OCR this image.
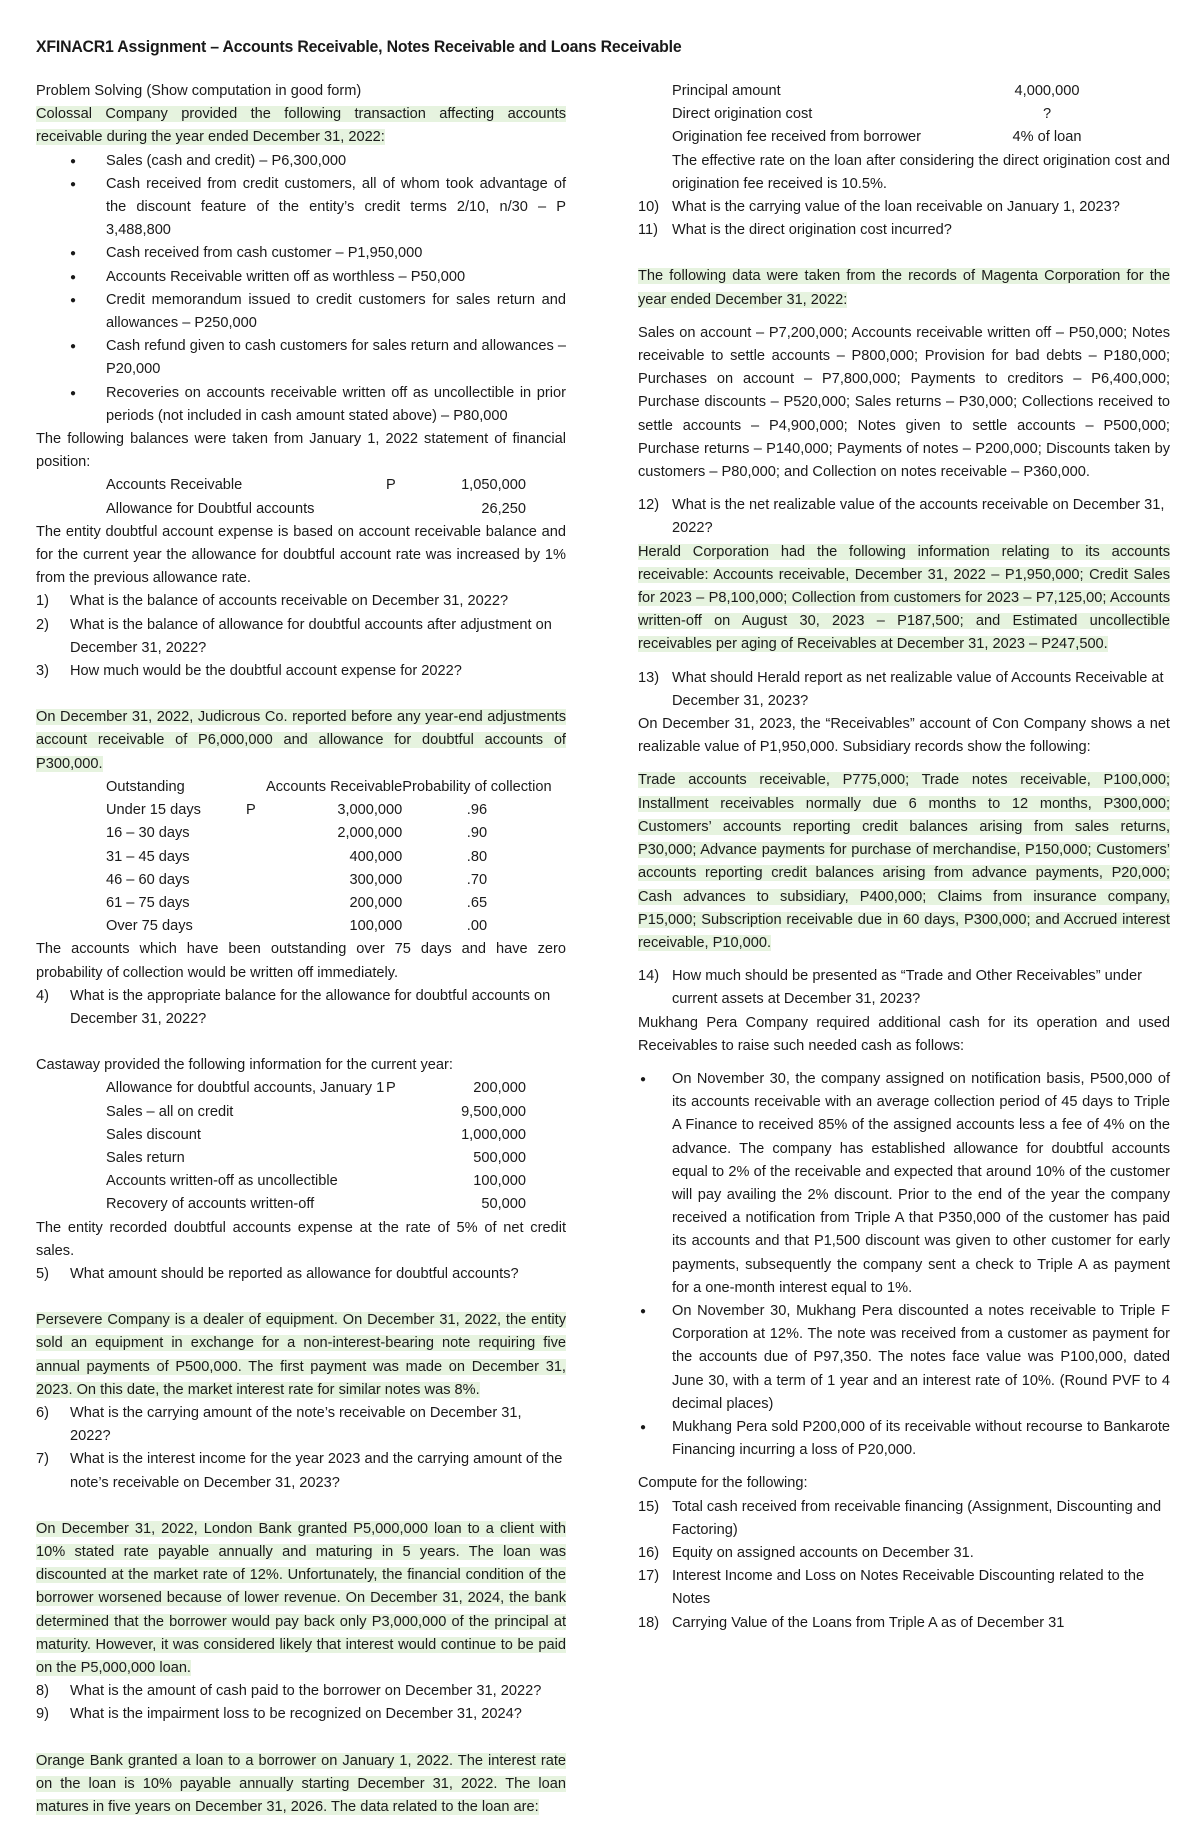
XFINACR1 Assignment – Accounts Receivable, Notes Receivable and Loans Receivable

Problem Solving (Show computation in good form)

Colossal Company provided the following transaction affecting accounts receivable during the year ended December 31, 2022:

● Sales (cash and credit) – P6,300,000
● Cash received from credit customers, all of whom took advantage of the discount feature of the entity’s credit terms 2/10, n/30 – P 3,488,800
● Cash received from cash customer – P1,950,000
● Accounts Receivable written off as worthless – P50,000
● Credit memorandum issued to credit customers for sales return and allowances – P250,000
● Cash refund given to cash customers for sales return and allowances – P20,000
● Recoveries on accounts receivable written off as uncollectible in prior periods (not included in cash amount stated above) – P80,000

The following balances were taken from January 1, 2022 statement of financial position:

Accounts Receivable	P	1,050,000
Allowance for Doubtful accounts		26,250

The entity doubtful account expense is based on account receivable balance and for the current year the allowance for doubtful account rate was increased by 1% from the previous allowance rate.

1) What is the balance of accounts receivable on December 31, 2022?
2) What is the balance of allowance for doubtful accounts after adjustment on December 31, 2022?
3) How much would be the doubtful account expense for 2022?

On December 31, 2022, Judicrous Co. reported before any year-end adjustments account receivable of P6,000,000 and allowance for doubtful accounts of P300,000.

Outstanding		Accounts Receivable	Probability of collection
Under 15 days	P	3,000,000	.96
16 – 30 days		2,000,000	.90
31 – 45 days		400,000	.80
46 – 60 days		300,000	.70
61 – 75 days		200,000	.65
Over 75 days		100,000	.00

The accounts which have been outstanding over 75 days and have zero probability of collection would be written off immediately.

4) What is the appropriate balance for the allowance for doubtful accounts on December 31, 2022?

Castaway provided the following information for the current year:

Allowance for doubtful accounts, January 1	P	200,000
Sales – all on credit		9,500,000
Sales discount		1,000,000
Sales return		500,000
Accounts written-off as uncollectible		100,000
Recovery of accounts written-off		50,000

The entity recorded doubtful accounts expense at the rate of 5% of net credit sales.

5) What amount should be reported as allowance for doubtful accounts?

Persevere Company is a dealer of equipment. On December 31, 2022, the entity sold an equipment in exchange for a non-interest-bearing note requiring five annual payments of P500,000. The first payment was made on December 31, 2023. On this date, the market interest rate for similar notes was 8%.

6) What is the carrying amount of the note’s receivable on December 31, 2022?
7) What is the interest income for the year 2023 and the carrying amount of the note’s receivable on December 31, 2023?

On December 31, 2022, London Bank granted P5,000,000 loan to a client with 10% stated rate payable annually and maturing in 5 years. The loan was discounted at the market rate of 12%. Unfortunately, the financial condition of the borrower worsened because of lower revenue. On December 31, 2024, the bank determined that the borrower would pay back only P3,000,000 of the principal at maturity. However, it was considered likely that interest would continue to be paid on the P5,000,000 loan.

8) What is the amount of cash paid to the borrower on December 31, 2022?
9) What is the impairment loss to be recognized on December 31, 2024?

Orange Bank granted a loan to a borrower on January 1, 2022. The interest rate on the loan is 10% payable annually starting December 31, 2022. The loan matures in five years on December 31, 2026. The data related to the loan are:

Principal amount	4,000,000
Direct origination cost	?
Origination fee received from borrower	4% of loan

The effective rate on the loan after considering the direct origination cost and origination fee received is 10.5%.

10) What is the carrying value of the loan receivable on January 1, 2023?
11) What is the direct origination cost incurred?

The following data were taken from the records of Magenta Corporation for the year ended December 31, 2022:

Sales on account – P7,200,000; Accounts receivable written off – P50,000; Notes receivable to settle accounts – P800,000; Provision for bad debts – P180,000; Purchases on account – P7,800,000; Payments to creditors – P6,400,000; Purchase discounts – P520,000; Sales returns – P30,000; Collections received to settle accounts – P4,900,000; Notes given to settle accounts – P500,000; Purchase returns – P140,000; Payments of notes – P200,000; Discounts taken by customers – P80,000; and Collection on notes receivable – P360,000.

12) What is the net realizable value of the accounts receivable on December 31, 2022?

Herald Corporation had the following information relating to its accounts receivable: Accounts receivable, December 31, 2022 – P1,950,000; Credit Sales for 2023 – P8,100,000; Collection from customers for 2023 – P7,125,00; Accounts written-off on August 30, 2023 – P187,500; and Estimated uncollectible receivables per aging of Receivables at December 31, 2023 – P247,500.

13) What should Herald report as net realizable value of Accounts Receivable at December 31, 2023?

On December 31, 2023, the “Receivables” account of Con Company shows a net realizable value of P1,950,000. Subsidiary records show the following:

Trade accounts receivable, P775,000; Trade notes receivable, P100,000; Installment receivables normally due 6 months to 12 months, P300,000; Customers’ accounts reporting credit balances arising from sales returns, P30,000; Advance payments for purchase of merchandise, P150,000; Customers’ accounts reporting credit balances arising from advance payments, P20,000; Cash advances to subsidiary, P400,000; Claims from insurance company, P15,000; Subscription receivable due in 60 days, P300,000; and Accrued interest receivable, P10,000.

14) How much should be presented as “Trade and Other Receivables” under current assets at December 31, 2023?

Mukhang Pera Company required additional cash for its operation and used Receivables to raise such needed cash as follows:

● On November 30, the company assigned on notification basis, P500,000 of its accounts receivable with an average collection period of 45 days to Triple A Finance to received 85% of the assigned accounts less a fee of 4% on the advance. The company has established allowance for doubtful accounts equal to 2% of the receivable and expected that around 10% of the customer will pay availing the 2% discount. Prior to the end of the year the company received a notification from Triple A that P350,000 of the customer has paid its accounts and that P1,500 discount was given to other customer for early payments, subsequently the company sent a check to Triple A as payment for a one-month interest equal to 1%.
● On November 30, Mukhang Pera discounted a notes receivable to Triple F Corporation at 12%. The note was received from a customer as payment for the accounts due of P97,350. The notes face value was P100,000, dated June 30, with a term of 1 year and an interest rate of 10%. (Round PVF to 4 decimal places)
● Mukhang Pera sold P200,000 of its receivable without recourse to Bankarote Financing incurring a loss of P20,000.

Compute for the following:

15) Total cash received from receivable financing (Assignment, Discounting and Factoring)
16) Equity on assigned accounts on December 31.
17) Interest Income and Loss on Notes Receivable Discounting related to the Notes
18) Carrying Value of the Loans from Triple A as of December 31
